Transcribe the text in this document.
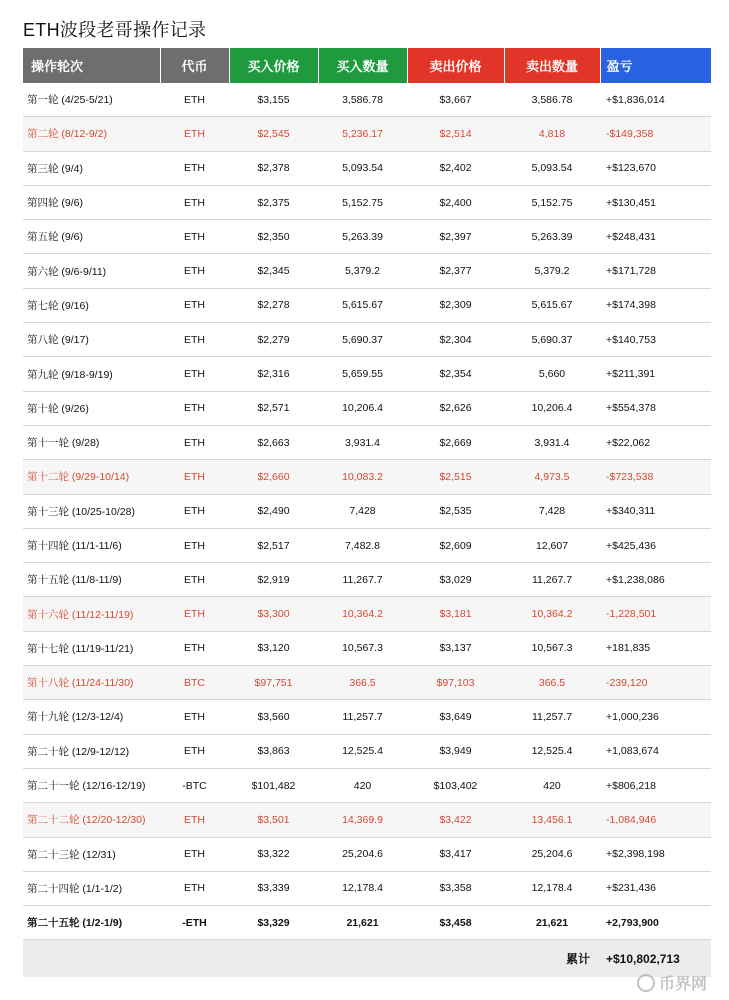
ETH波段老哥操作记录
操作轮次	代币	买入价格	买入数量	卖出价格	卖出数量	盈亏
第一轮 (4/25-5/21)	ETH	$3,155	3,586.78	$3,667	3,586.78	+$1,836,014
第二轮 (8/12-9/2)	ETH	$2,545	5,236.17	$2,514	4,818	-$149,358
第三轮 (9/4)	ETH	$2,378	5,093.54	$2,402	5,093.54	+$123,670
第四轮 (9/6)	ETH	$2,375	5,152.75	$2,400	5,152.75	+$130,451
第五轮 (9/6)	ETH	$2,350	5,263.39	$2,397	5,263.39	+$248,431
第六轮 (9/6-9/11)	ETH	$2,345	5,379.2	$2,377	5,379.2	+$171,728
第七轮 (9/16)	ETH	$2,278	5,615.67	$2,309	5,615.67	+$174,398
第八轮 (9/17)	ETH	$2,279	5,690.37	$2,304	5,690.37	+$140,753
第九轮 (9/18-9/19)	ETH	$2,316	5,659.55	$2,354	5,660	+$211,391
第十轮 (9/26)	ETH	$2,571	10,206.4	$2,626	10,206.4	+$554,378
第十一轮 (9/28)	ETH	$2,663	3,931.4	$2,669	3,931.4	+$22,062
第十二轮 (9/29-10/14)	ETH	$2,660	10,083.2	$2,515	4,973.5	-$723,538
第十三轮 (10/25-10/28)	ETH	$2,490	7,428	$2,535	7,428	+$340,311
第十四轮 (11/1-11/6)	ETH	$2,517	7,482.8	$2,609	12,607	+$425,436
第十五轮 (11/8-11/9)	ETH	$2,919	11,267.7	$3,029	11,267.7	+$1,238,086
第十六轮 (11/12-11/19)	ETH	$3,300	10,364.2	$3,181	10,364.2	-1,228,501
第十七轮 (11/19-11/21)	ETH	$3,120	10,567.3	$3,137	10,567.3	+181,835
第十八轮 (11/24-11/30)	BTC	$97,751	366.5	$97,103	366.5	-239,120
第十九轮 (12/3-12/4)	ETH	$3,560	11,257.7	$3,649	11,257.7	+1,000,236
第二十轮 (12/9-12/12)	ETH	$3,863	12,525.4	$3,949	12,525.4	+1,083,674
第二十一轮 (12/16-12/19)	-BTC	$101,482	420	$103,402	420	+$806,218
第二十二轮 (12/20-12/30)	ETH	$3,501	14,369.9	$3,422	13,456.1	-1,084,946
第二十三轮 (12/31)	ETH	$3,322	25,204.6	$3,417	25,204.6	+$2,398,198
第二十四轮 (1/1-1/2)	ETH	$3,339	12,178.4	$3,358	12,178.4	+$231,436
第二十五轮 (1/2-1/9)	-ETH	$3,329	21,621	$3,458	21,621	+2,793,900
累计						+$10,802,713
币界网
